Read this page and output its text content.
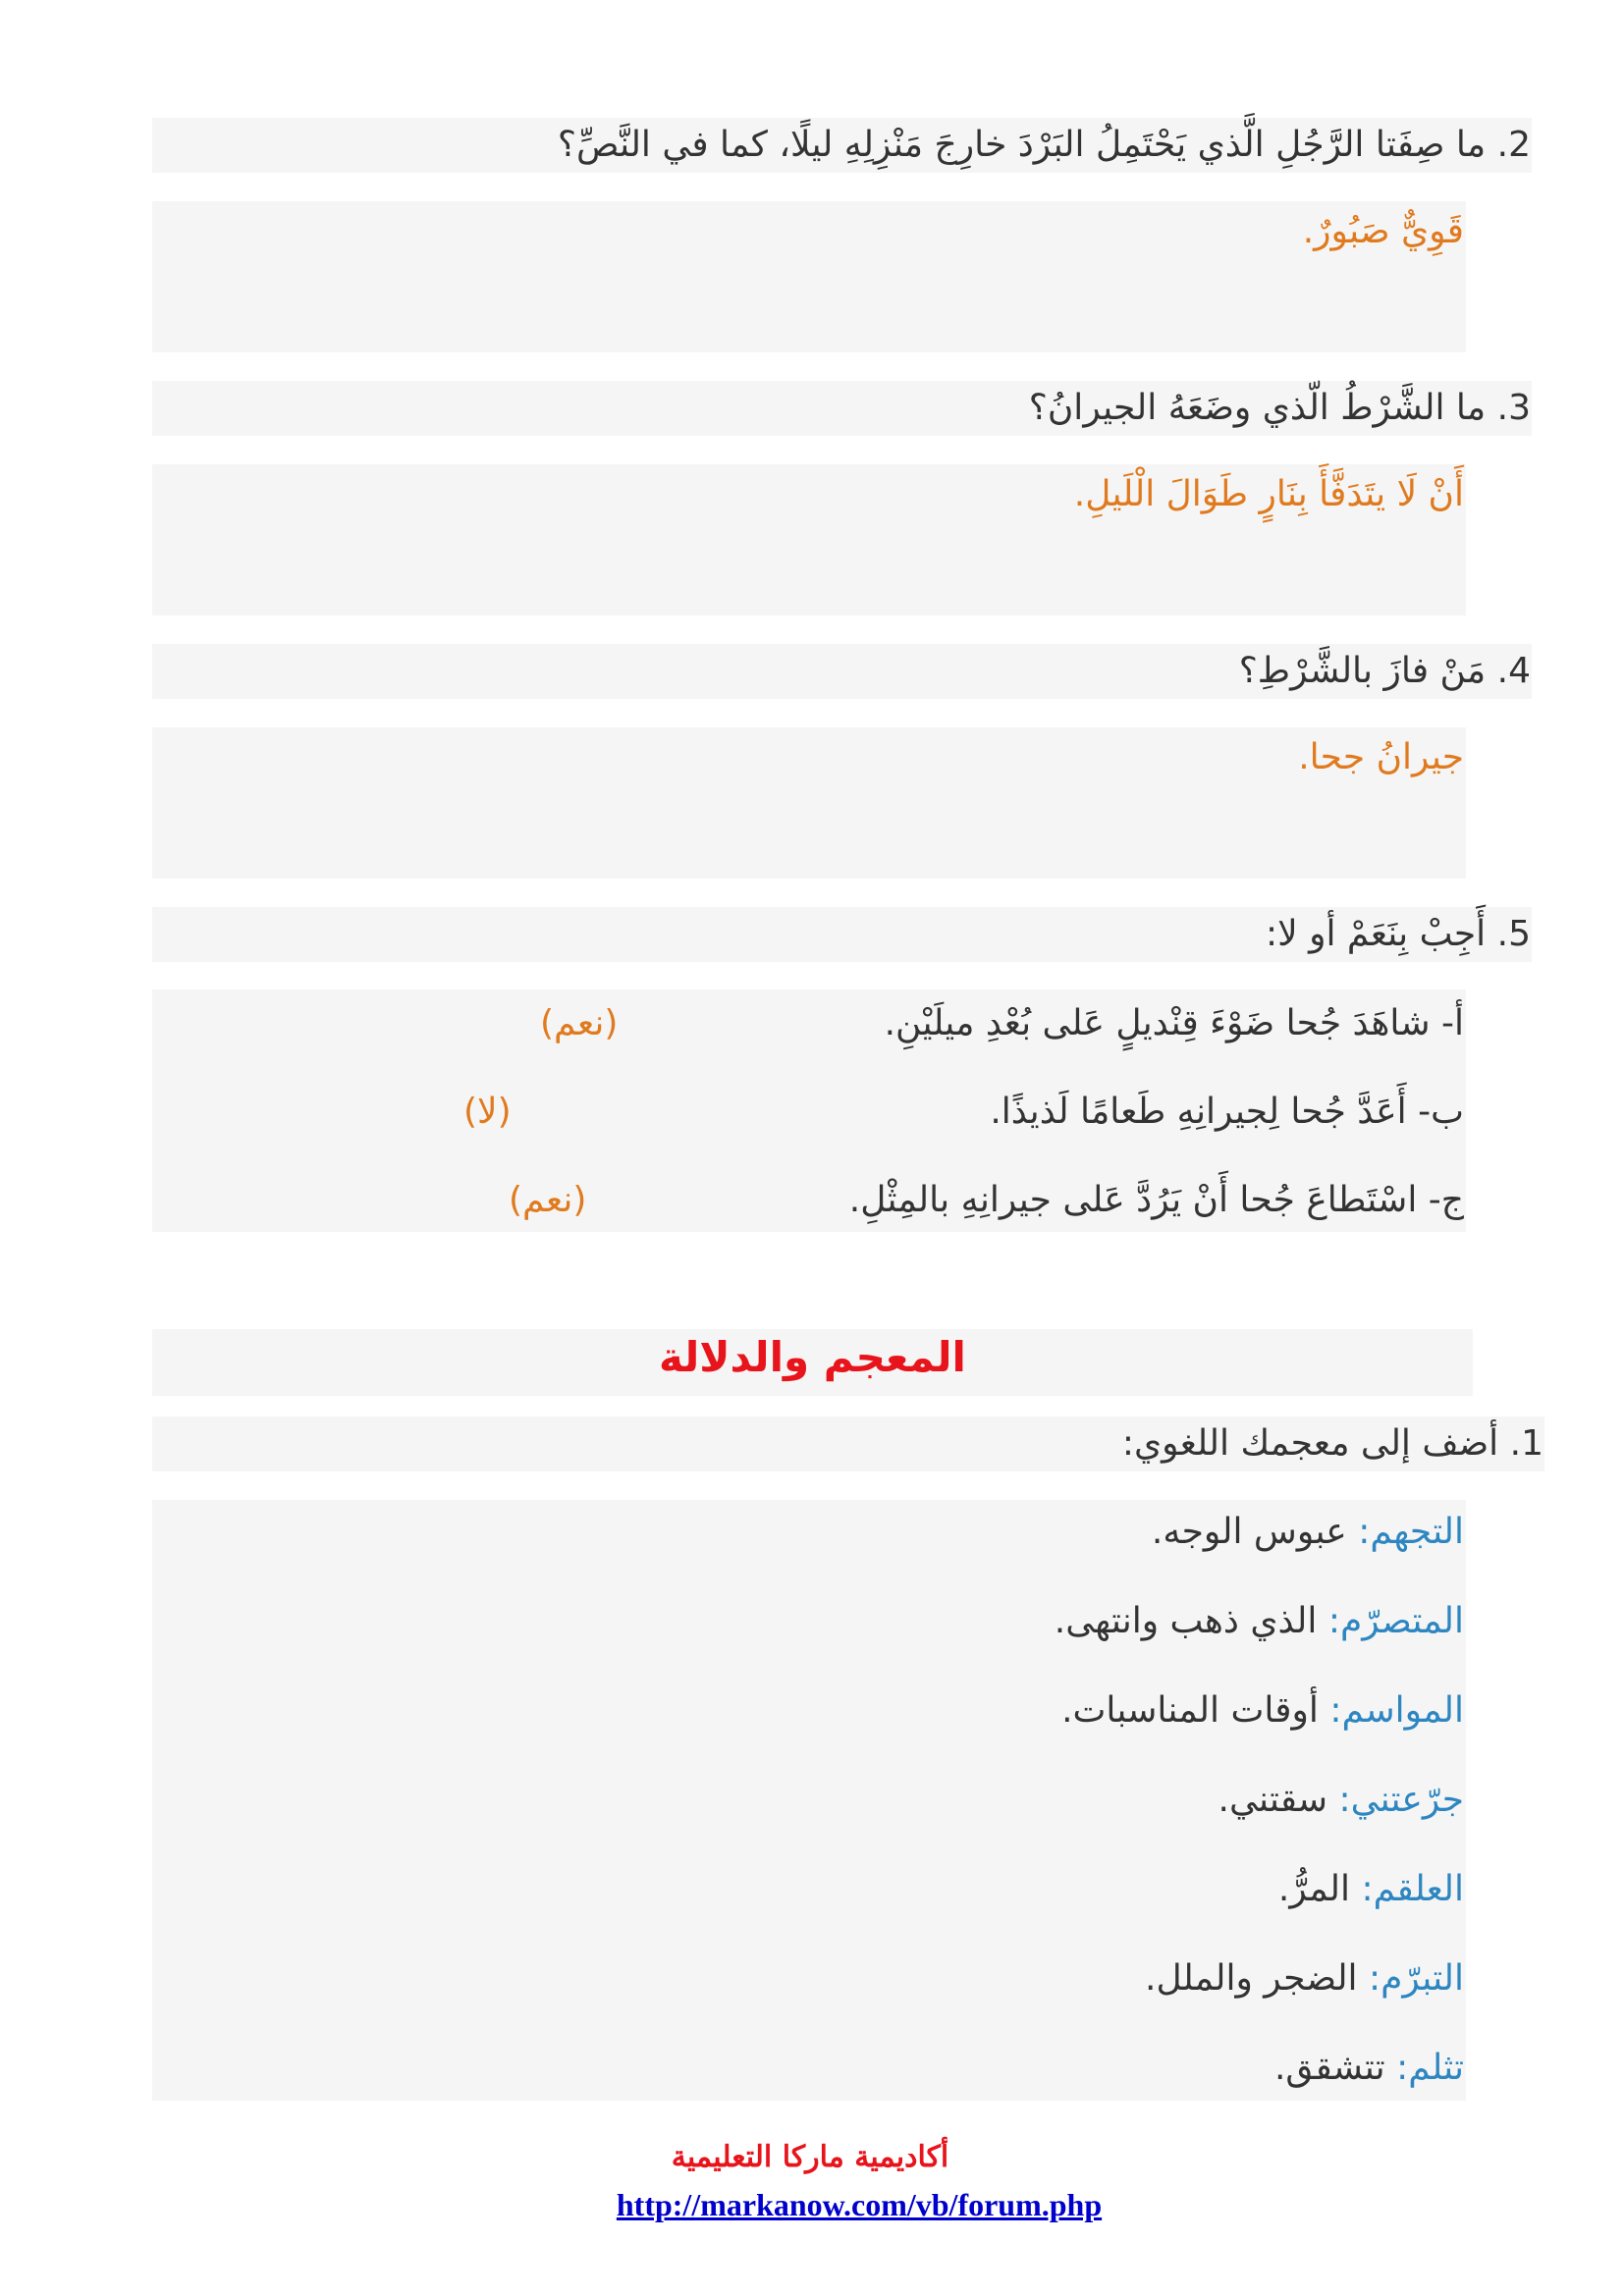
2. ما صِفَتا الرَّجُلِ الَّذي يَحْتَمِلُ البَرْدَ خارِجَ مَنْزِلِهِ ليلًا، كما في النَّصِّ؟
قَوِيٌّ صَبُورٌ.
3. ما الشَّرْطُ الّذي وضَعَهُ الجيرانُ؟
أَنْ لَا يتَدَفَّأَ بِنَارٍ طَوَالَ الْلَيلِ.
4. مَنْ فازَ بالشَّرْطِ؟
جيرانُ جحا.
5. أَجِبْ بِنَعَمْ أو لا:
أ- شاهَدَ جُحا ضَوْءَ قِنْديلٍ عَلى بُعْدِ ميلَيْنِ.
(نعم)
ب- أَعَدَّ جُحا لِجيرانِهِ طَعامًا لَذيذًا.
(لا)
ج- اسْتَطاعَ جُحا أَنْ يَرُدَّ عَلى جيرانِهِ بالمِثْلِ.
(نعم)
المعجم والدلالة
1. أضف إلى معجمك اللغوي:
التجهم: عبوس الوجه.
المتصرّم: الذي ذهب وانتهى.
المواسم: أوقات المناسبات.
جرّعتني: سقتني.
العلقم: المرُّ.
التبرّم: الضجر والملل.
تثلم: تتشقق.
أكاديمية ماركا التعليمية
http://markanow.com/vb/forum.php
